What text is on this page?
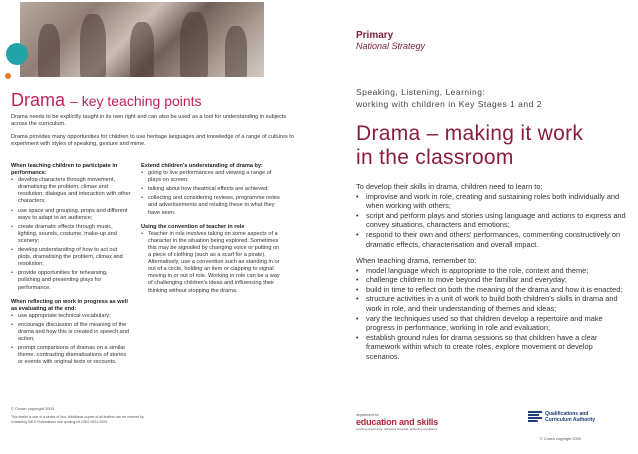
Drama – key teaching points
Drama needs to be explicitly taught in its own right and can also be used as a tool for understanding in subjects across the curriculum.
Drama provides many opportunities for children to use heritage languages and knowledge of a range of cultures to experiment with styles of speaking, gesture and mime.
When teaching children to participate in performance:
• develop characters through movement, dramatising the problem, climax and resolution: dialogue and interaction with other characters;
• use space and grouping, props and different ways to adapt to an audience;
• create dramatic effects through music, lighting, sounds, costume, make-up and scenery;
• develop understanding of how to act out plots, dramatising the problem, climax and resolution;
• provide opportunities for rehearsing, polishing and presenting plays for performance.
When reflecting on work in progress as well as evaluating at the end:
• use appropriate technical vocabulary;
• encourage discussion of the meaning of the drama and how this is created in speech and action;
• prompt comparisons of dramas on a similar theme, contrasting dramatisations of stories or events with original texts or recounts.
Extend children's understanding of drama by:
• going to live performances and viewing a range of plays on screen;
• talking about how theatrical effects are achieved;
• collecting and considering reviews, programme notes and advertisements and relating these to what they have seen.
Using the convention of teacher in role
• Teacher in role involves taking on some aspects of a character in the situation being explored. Sometimes this may be signalled by changing voice or putting on a piece of clothing (such as a scarf for a pirate). Alternatively, use a convention such as standing in or out of a circle, holding an item or clapping to signal moving in or out of role. Working in role can be a way of challenging children's ideas and influencing their thinking without stopping the drama.
© Crown copyright 2003
This leaflet is one of a series of four. Additional copies of all leaflets can be ordered by contacting DfES Publications and quoting ref DfES 0624-2003.
Primary
National Strategy
Speaking, Listening, Learning:
working with children in Key Stages 1 and 2
Drama – making it work
in the classroom
To develop their skills in drama, children need to learn to:
• improvise and work in role, creating and sustaining roles both individually and when working with others;
• script and perform plays and stories using language and actions to express and convey situations, characters and emotions;
• respond to their own and others' performances, commenting constructively on dramatic effects, characterisation and overall impact.
When teaching drama, remember to:
• model language which is appropriate to the role, context and theme;
• challenge children to move beyond the familiar and everyday;
• build in time to reflect on both the meaning of the drama and how it is enacted;
• structure activities in a unit of work to build both children's skills in drama and work in role, and their understanding of themes and ideas;
• vary the techniques used so that children develop a repertoire and make progress in performance, working in role and evaluation;
• establish ground rules for drama sessions so that children have a clear framework within which to create roles, explore movement or develop scenarios.
department for
education and skills
creating opportunity, releasing potential, achieving excellence
Qualifications and
Curriculum Authority
© Crown copyright 2003
